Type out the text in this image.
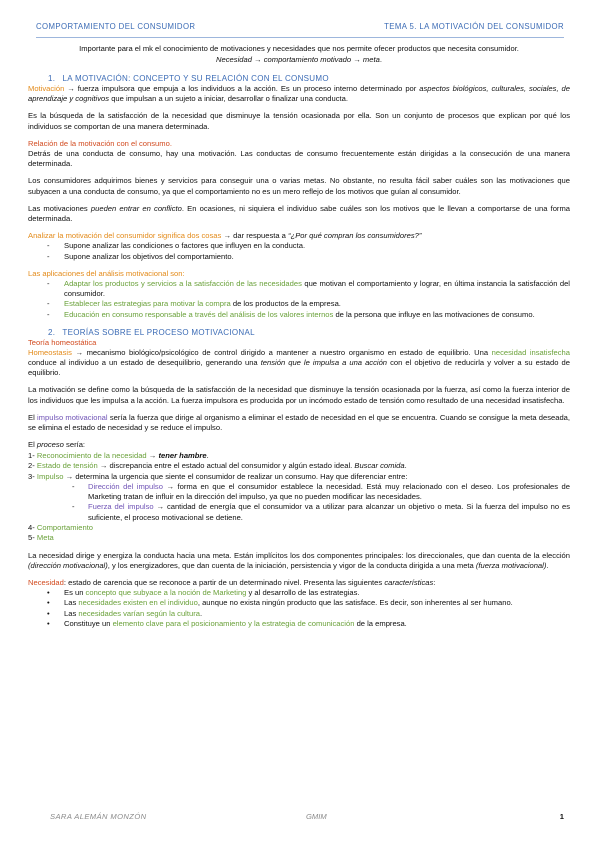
COMPORTAMIENTO DEL CONSUMIDOR	TEMA 5. LA MOTIVACIÓN DEL CONSUMIDOR
Importante para el mk el conocimiento de motivaciones y necesidades que nos permite ofecer productos que necesita consumidor.
Necesidad → comportamiento motivado → meta.
1. LA MOTIVACIÓN: CONCEPTO Y SU RELACIÓN CON EL CONSUMO

Motivación → fuerza impulsora que empuja a los individuos a la acción. Es un proceso interno determinado por aspectos biológicos, culturales, sociales, de aprendizaje y cognitivos que impulsan a un sujeto a iniciar, desarrollar o finalizar una conducta.

Es la búsqueda de la satisfacción de la necesidad que disminuye la tensión ocasionada por ella. Son un conjunto de procesos que explican por qué los individuos se comportan de una manera determinada.

Relación de la motivación con el consumo.
Detrás de una conducta de consumo, hay una motivación. Las conductas de consumo frecuentemente están dirigidas a la consecución de una manera determinada.

Los consumidores adquirimos bienes y servicios para conseguir una o varias metas. No obstante, no resulta fácil saber cuáles son las motivaciones que subyacen a una conducta de consumo, ya que el comportamiento no es un mero reflejo de los motivos que guían al consumidor.

Las motivaciones pueden entrar en conflicto. En ocasiones, ni siquiera el individuo sabe cuáles son los motivos que le llevan a comportarse de una forma determinada.

Analizar la motivación del consumidor significa dos cosas → dar respuesta a “¿Por qué compran los consumidores?”

- Supone analizar las condiciones o factores que influyen en la conducta.
- Supone analizar los objetivos del comportamiento.

Las aplicaciones del análisis motivacional son:

- Adaptar los productos y servicios a la satisfacción de las necesidades que motivan el comportamiento y lograr, en última instancia la satisfacción del consumidor.
- Establecer las estrategias para motivar la compra de los productos de la empresa.
- Educación en consumo responsable a través del análisis de los valores internos de la persona que influye en las motivaciones de consumo.
2. TEORÍAS SOBRE EL PROCESO MOTIVACIONAL
Teoría homeostática

Homeostasis → mecanismo biológico/psicológico de control dirigido a mantener a nuestro organismo en estado de equilibrio. Una necesidad insatisfecha conduce al individuo a un estado de desequilibrio, generando una tensión que le impulsa a una acción con el objetivo de reducirla y volver a su estado de equilibrio.

La motivación se define como la búsqueda de la satisfacción de la necesidad que disminuye la tensión ocasionada por la fuerza, así como la fuerza interior de los individuos que les impulsa a la acción. La fuerza impulsora es producida por un incómodo estado de tensión como resultado de una necesidad insatisfecha.

El impulso motivacional sería la fuerza que dirige al organismo a eliminar el estado de necesidad en el que se encuentra. Cuando se consigue la meta deseada, se elimina el estado de necesidad y se reduce el impulso.

El proceso sería:
1- Reconocimiento de la necesidad → tener hambre.
2- Estado de tensión → discrepancia entre el estado actual del consumidor y algún estado ideal. Buscar comida.
3- Impulso → determina la urgencia que siente el consumidor de realizar un consumo. Hay que diferenciar entre:
- Dirección del impulso → forma en que el consumidor establece la necesidad. Está muy relacionado con el deseo. Los profesionales de Marketing tratan de influir en la dirección del impulso, ya que no pueden modificar las necesidades.
- Fuerza del impulso → cantidad de energía que el consumidor va a utilizar para alcanzar un objetivo o meta. Si la fuerza del impulso no es suficiente, el proceso motivacional se detiene.
4- Comportamiento
5- Meta

La necesidad dirige y energiza la conducta hacia una meta. Están implícitos los dos componentes principales: los direccionales, que dan cuenta de la elección (dirección motivacional), y los energizadores, que dan cuenta de la iniciación, persistencia y vigor de la conducta dirigida a una meta (fuerza motivacional).

Necesidad: estado de carencia que se reconoce a partir de un determinado nivel. Presenta las siguientes características:

• Es un concepto que subyace a la noción de Marketing y al desarrollo de las estrategias.
• Las necesidades existen en el individuo, aunque no exista ningún producto que las satisface. Es decir, son inherentes al ser humano.
• Las necesidades varían según la cultura.
• Constituye un elemento clave para el posicionamiento y la estrategia de comunicación de la empresa.
SARA ALEMÁN MONZÓN	GMIM	1
